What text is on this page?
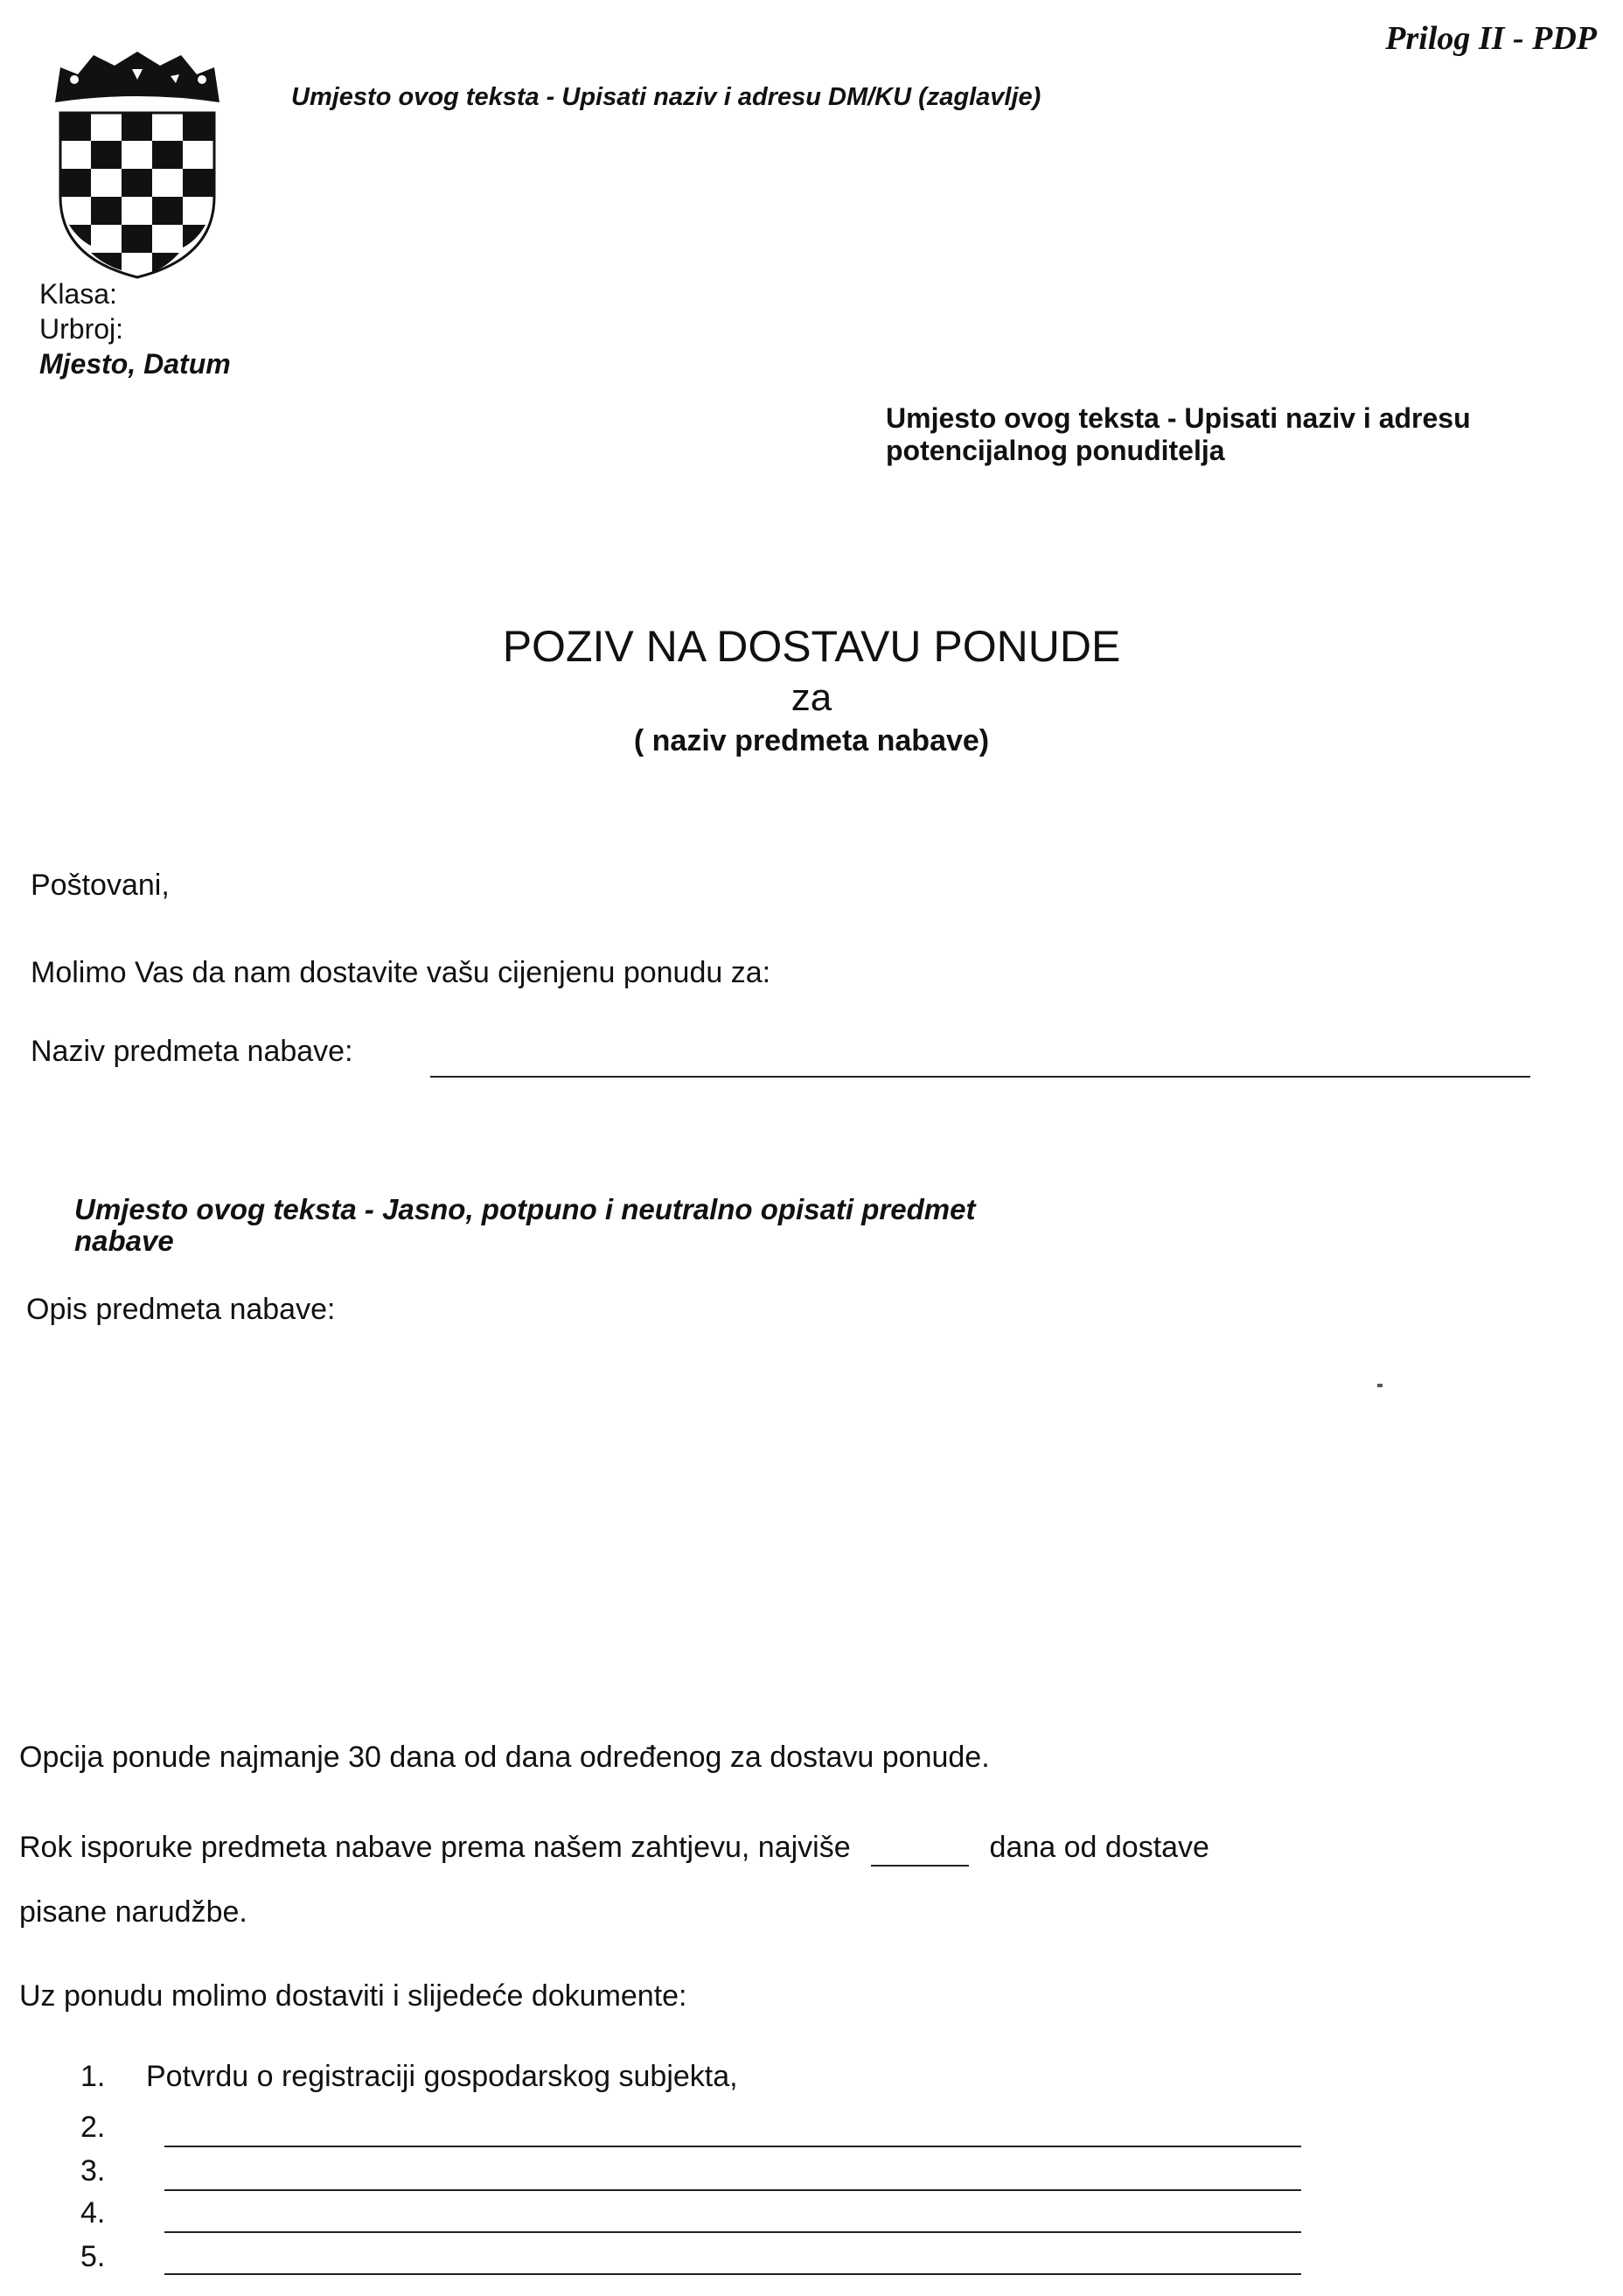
Prilog II - PDP
Umjesto ovog teksta - Upisati naziv i adresu DM/KU (zaglavlje)
Klasa:
Urbroj:
Mjesto, Datum
Umjesto ovog teksta - Upisati naziv i adresu
potencijalnog ponuditelja
POZIV NA DOSTAVU PONUDE
za
( naziv predmeta nabave)
Poštovani,
Molimo Vas da nam dostavite vašu cijenjenu ponudu za:
Naziv predmeta nabave:
Umjesto ovog teksta - Jasno, potpuno i neutralno opisati predmet
nabave
Opis predmeta nabave:
Opcija ponude najmanje 30 dana od dana određenog za dostavu ponude.
Rok isporuke predmeta nabave prema našem zahtjevu, najviše	dana od dostave
pisane narudžbe.
Uz ponudu molimo dostaviti i slijedeće dokumente:
1. Potvrdu o registraciji gospodarskog subjekta,
2.
3.
4.
5.
